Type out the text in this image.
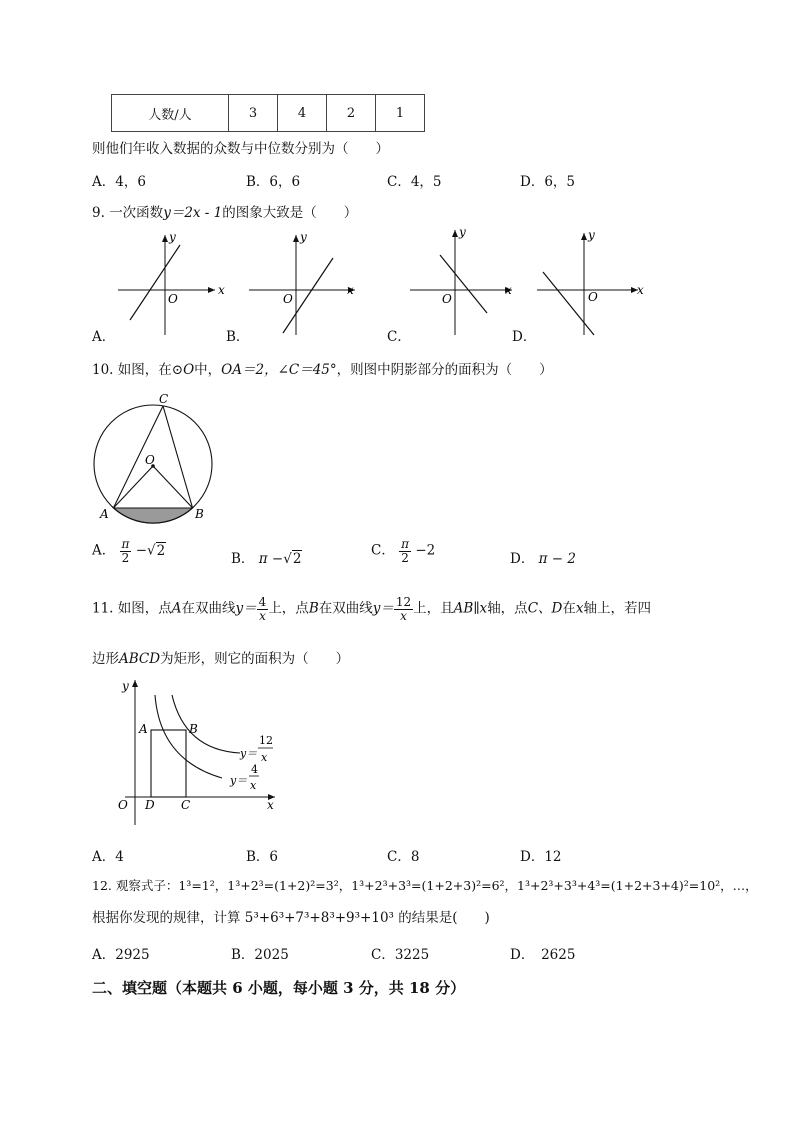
人数/人	3	4	2	1
则他们年收入数据的众数与中位数分别为（　　）
A．4，6	B．6，6	C．4，5	D．6，5
9. 一次函数y＝2x - 1的图象大致是（　　）
x
y
O
x
y
O
x
y
O
x
y
O
A．	B．	C．	D．
10. 如图，在⊙O中，OA＝2，∠C＝45°，则图中阴影部分的面积为（　　）
C
O
A	B
A． $\frac{\pi}{2} -√2$
B． π −√2
C． $\frac{\pi}{2} -2$
D． π − 2
11. 如图，点A在双曲线$y= \frac{4}{x}$ 上，点B在双曲线$y= \frac{12}{x}$ 上，且AB∥x轴，点C、D在x轴上，若四
边形ABCD为矩形，则它的面积为（　　）
y
x
O D C
A	B
y＝
12
x
y＝
4
x
A．4	B．6	C．8	D．12
12. 观察式子：1³=1²，1³+2³=(1+2)²=3²，1³+2³+3³=(1+2+3)²=6²，1³+2³+3³+4³=(1+2+3+4)²=10²，…，
根据你发现的规律，计算 5³+6³+7³+8³+9³+10³ 的结果是(　　)
A．2925	B．2025	C．3225	D．　2625
二、填空题（本题共 6 小题，每小题 3 分，共 18 分）
